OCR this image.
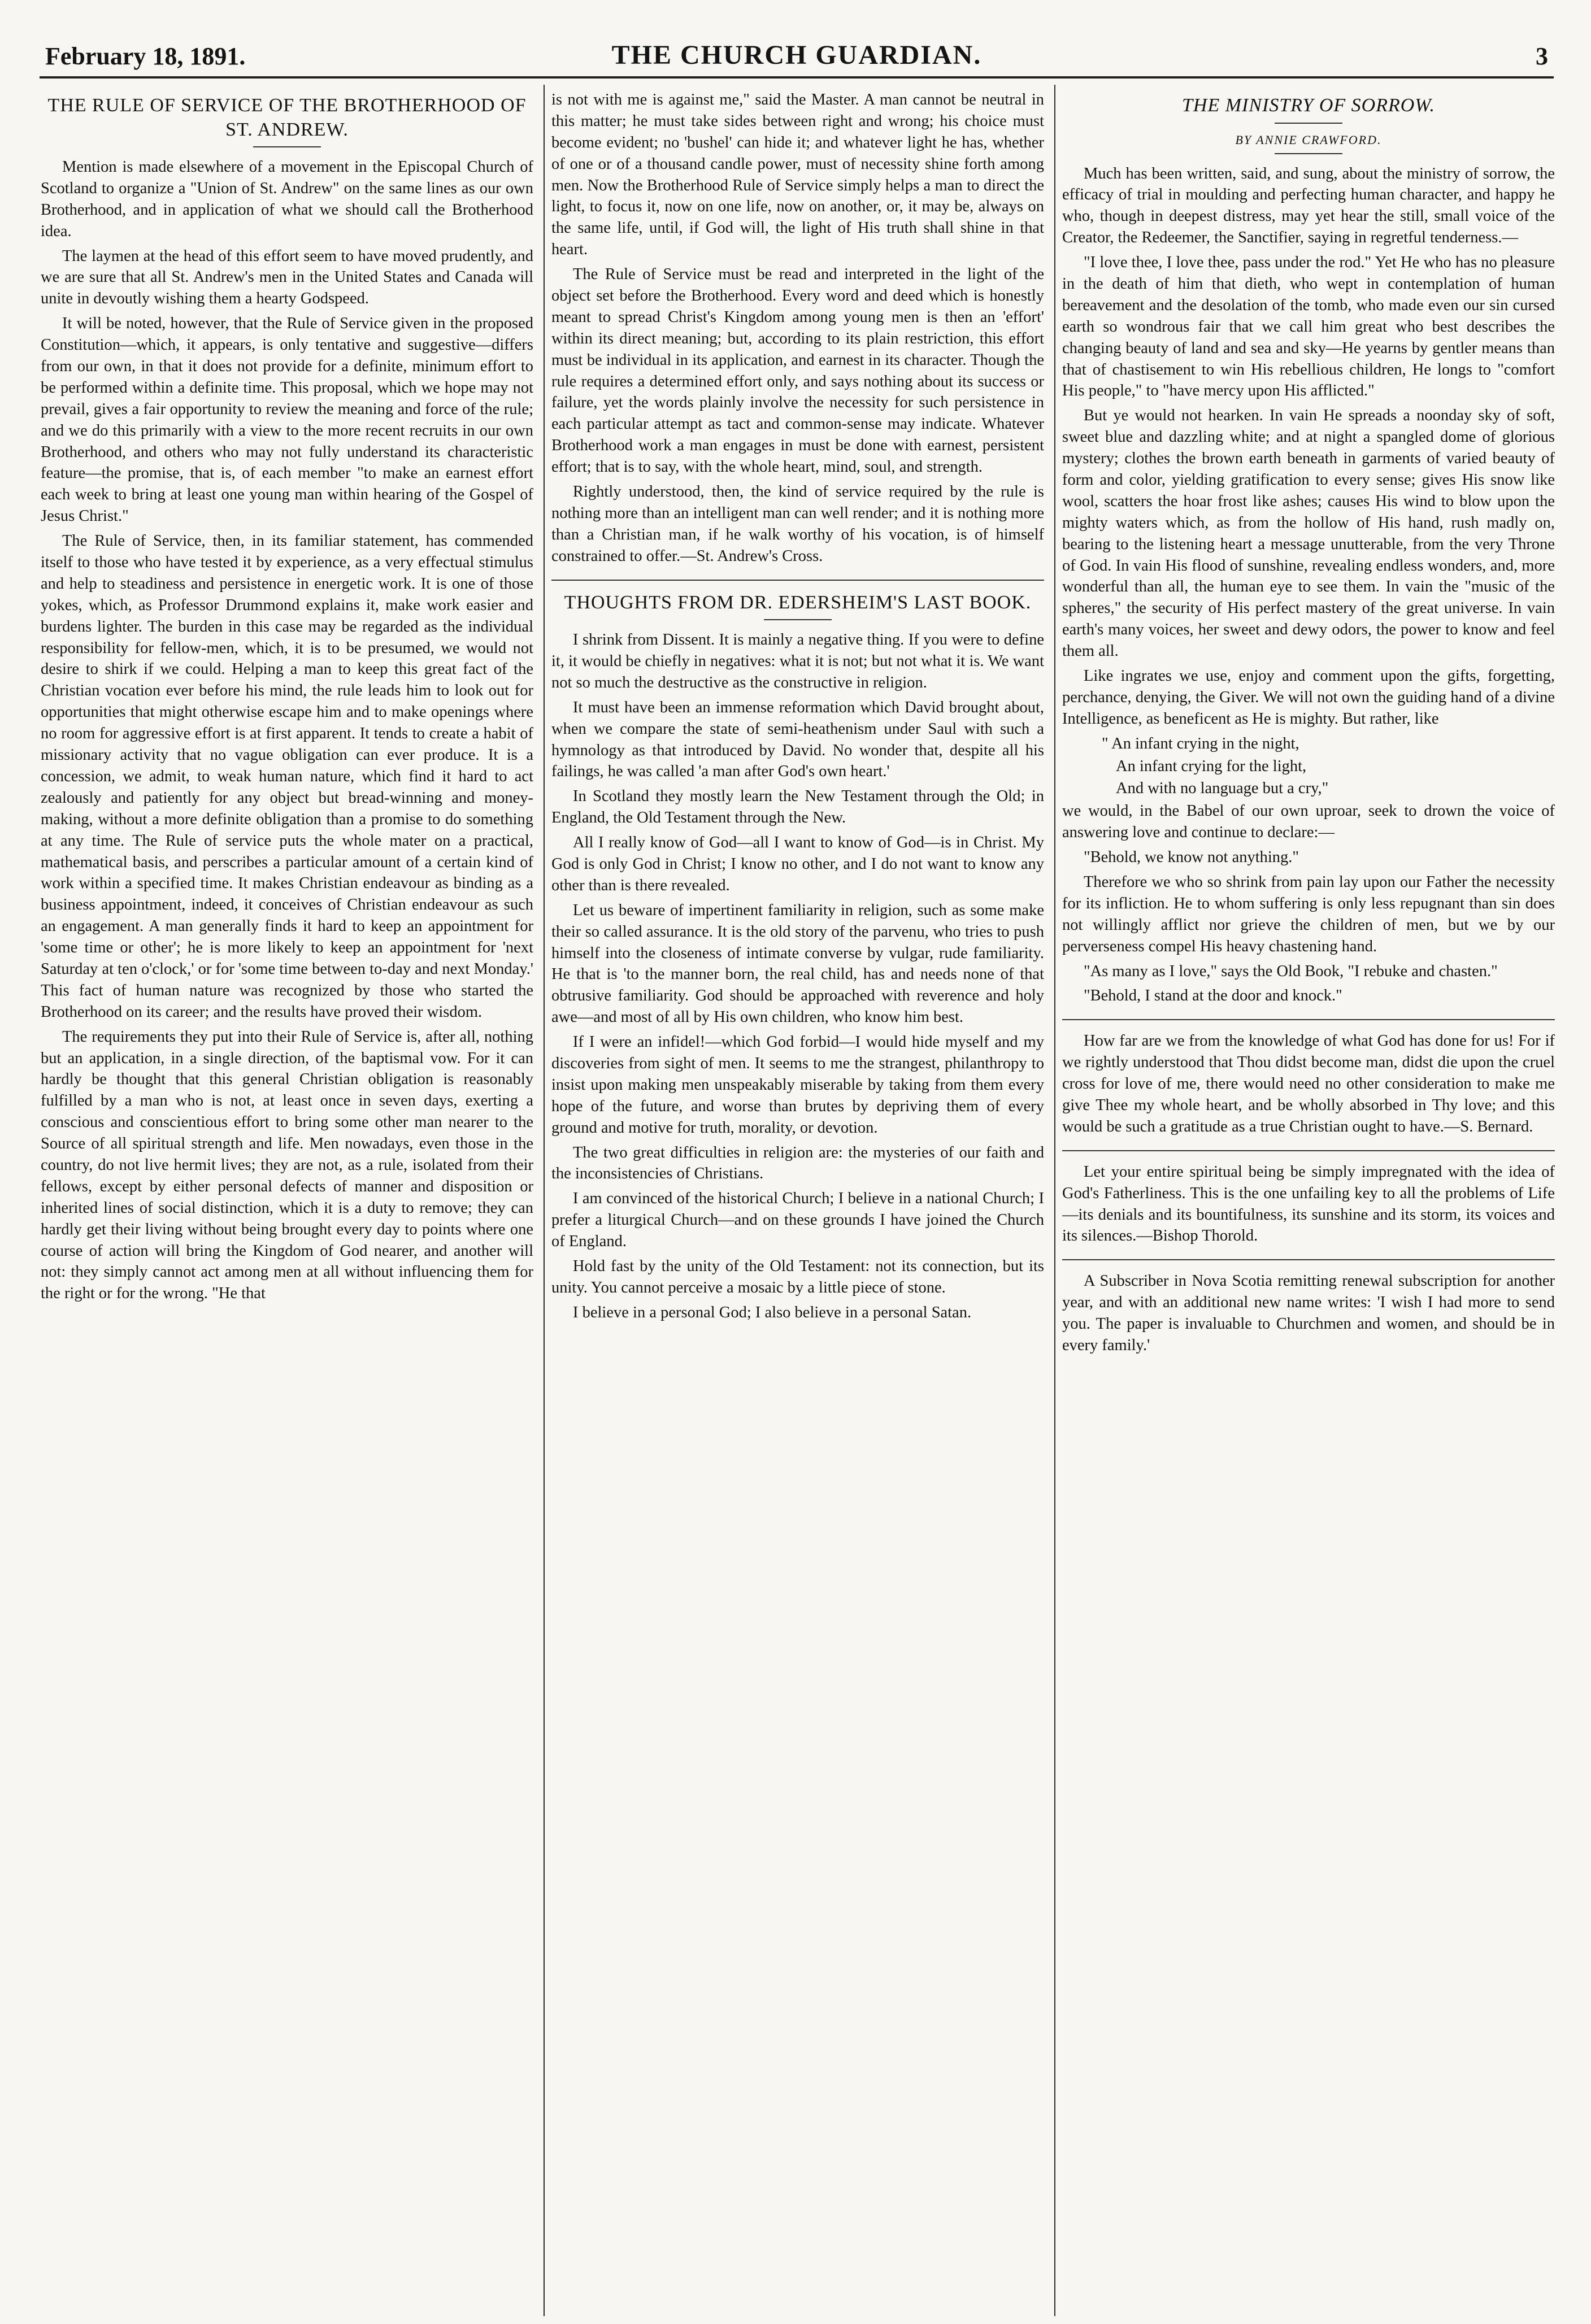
February 18, 1891.	THE CHURCH GUARDIAN.	3
THE RULE OF SERVICE OF THE BROTHERHOOD OF ST. ANDREW.

Mention is made elsewhere of a movement in the Episcopal Church of Scotland to organize a "Union of St. Andrew" on the same lines as our own Brotherhood, and in application of what we should call the Brotherhood idea.

The laymen at the head of this effort seem to have moved prudently, and we are sure that all St. Andrew's men in the United States and Canada will unite in devoutly wishing them a hearty Godspeed.

It will be noted, however, that the Rule of Service given in the proposed Constitution—which, it appears, is only tentative and suggestive—differs from our own, in that it does not provide for a definite, minimum effort to be performed within a definite time. This proposal, which we hope may not prevail, gives a fair opportunity to review the meaning and force of the rule; and we do this primarily with a view to the more recent recruits in our own Brotherhood, and others who may not fully understand its characteristic feature—the promise, that is, of each member "to make an earnest effort each week to bring at least one young man within hearing of the Gospel of Jesus Christ."

The Rule of Service, then, in its familiar statement, has commended itself to those who have tested it by experience, as a very effectual stimulus and help to steadiness and persistence in energetic work. It is one of those yokes, which, as Professor Drummond explains it, make work easier and burdens lighter. The burden in this case may be regarded as the individual responsibility for fellow-men, which, it is to be presumed, we would not desire to shirk if we could. Helping a man to keep this great fact of the Christian vocation ever before his mind, the rule leads him to look out for opportunities that might otherwise escape him and to make openings where no room for aggressive effort is at first apparent. It tends to create a habit of missionary activity that no vague obligation can ever produce. It is a concession, we admit, to weak human nature, which find it hard to act zealously and patiently for any object but bread-winning and money-making, without a more definite obligation than a promise to do something at any time. The Rule of service puts the whole mater on a practical, mathematical basis, and perscribes a particular amount of a certain kind of work within a specified time. It makes Christian endeavour as binding as a business appointment, indeed, it conceives of Christian endeavour as such an engagement. A man generally finds it hard to keep an appointment for 'some time or other'; he is more likely to keep an appointment for 'next Saturday at ten o'clock,' or for 'some time between to-day and next Monday.' This fact of human nature was recognized by those who started the Brotherhood on its career; and the results have proved their wisdom.

The requirements they put into their Rule of Service is, after all, nothing but an application, in a single direction, of the baptismal vow. For it can hardly be thought that this general Christian obligation is reasonably fulfilled by a man who is not, at least once in seven days, exerting a conscious and conscientious effort to bring some other man nearer to the Source of all spiritual strength and life. Men nowadays, even those in the country, do not live hermit lives; they are not, as a rule, isolated from their fellows, except by either personal defects of manner and disposition or inherited lines of social distinction, which it is a duty to remove; they can hardly get their living without being brought every day to points where one course of action will bring the Kingdom of God nearer, and another will not: they simply cannot act among men at all without influencing them for the right or for the wrong. "He that

is not with me is against me," said the Master. A man cannot be neutral in this matter; he must take sides between right and wrong; his choice must become evident; no 'bushel' can hide it; and whatever light he has, whether of one or of a thousand candle power, must of necessity shine forth among men. Now the Brotherhood Rule of Service simply helps a man to direct the light, to focus it, now on one life, now on another, or, it may be, always on the same life, until, if God will, the light of His truth shall shine in that heart.

The Rule of Service must be read and interpreted in the light of the object set before the Brotherhood. Every word and deed which is honestly meant to spread Christ's Kingdom among young men is then an 'effort' within its direct meaning; but, according to its plain restriction, this effort must be individual in its application, and earnest in its character. Though the rule requires a determined effort only, and says nothing about its success or failure, yet the words plainly involve the necessity for such persistence in each particular attempt as tact and common-sense may indicate. Whatever Brotherhood work a man engages in must be done with earnest, persistent effort; that is to say, with the whole heart, mind, soul, and strength.

Rightly understood, then, the kind of service required by the rule is nothing more than an intelligent man can well render; and it is nothing more than a Christian man, if he walk worthy of his vocation, is of himself constrained to offer.—St. Andrew's Cross.

THOUGHTS FROM DR. EDERSHEIM'S LAST BOOK.

I shrink from Dissent. It is mainly a negative thing. If you were to define it, it would be chiefly in negatives: what it is not; but not what it is. We want not so much the destructive as the constructive in religion.

It must have been an immense reformation which David brought about, when we compare the state of semi-heathenism under Saul with such a hymnology as that introduced by David. No wonder that, despite all his failings, he was called 'a man after God's own heart.'

In Scotland they mostly learn the New Testament through the Old; in England, the Old Testament through the New.

All I really know of God—all I want to know of God—is in Christ. My God is only God in Christ; I know no other, and I do not want to know any other than is there revealed.

Let us beware of impertinent familiarity in religion, such as some make their so called assurance. It is the old story of the parvenu, who tries to push himself into the closeness of intimate converse by vulgar, rude familiarity. He that is 'to the manner born, the real child, has and needs none of that obtrusive familiarity. God should be approached with reverence and holy awe—and most of all by His own children, who know him best.

If I were an infidel!—which God forbid—I would hide myself and my discoveries from sight of men. It seems to me the strangest, philanthropy to insist upon making men unspeakably miserable by taking from them every hope of the future, and worse than brutes by depriving them of every ground and motive for truth, morality, or devotion.

The two great difficulties in religion are: the mysteries of our faith and the inconsistencies of Christians.

I am convinced of the historical Church; I believe in a national Church; I prefer a liturgical Church—and on these grounds I have joined the Church of England.

Hold fast by the unity of the Old Testament: not its connection, but its unity. You cannot perceive a mosaic by a little piece of stone.

I believe in a personal God; I also believe in a personal Satan.

THE MINISTRY OF SORROW.
BY ANNIE CRAWFORD.

Much has been written, said, and sung, about the ministry of sorrow, the efficacy of trial in moulding and perfecting human character, and happy he who, though in deepest distress, may yet hear the still, small voice of the Creator, the Redeemer, the Sanctifier, saying in regretful tenderness.—

"I love thee, I love thee, pass under the rod." Yet He who has no pleasure in the death of him that dieth, who wept in contemplation of human bereavement and the desolation of the tomb, who made even our sin cursed earth so wondrous fair that we call him great who best describes the changing beauty of land and sea and sky—He yearns by gentler means than that of chastisement to win His rebellious children, He longs to "comfort His people," to "have mercy upon His afflicted."

But ye would not hearken. In vain He spreads a noonday sky of soft, sweet blue and dazzling white; and at night a spangled dome of glorious mystery; clothes the brown earth beneath in garments of varied beauty of form and color, yielding gratification to every sense; gives His snow like wool, scatters the hoar frost like ashes; causes His wind to blow upon the mighty waters which, as from the hollow of His hand, rush madly on, bearing to the listening heart a message unutterable, from the very Throne of God. In vain His flood of sunshine, revealing endless wonders, and, more wonderful than all, the human eye to see them. In vain the "music of the spheres," the security of His perfect mastery of the great universe. In vain earth's many voices, her sweet and dewy odors, the power to know and feel them all.

Like ingrates we use, enjoy and comment upon the gifts, forgetting, perchance, denying, the Giver. We will not own the guiding hand of a divine Intelligence, as beneficent as He is mighty. But rather, like

" An infant crying in the night,

An infant crying for the light,

And with no language but a cry,"

we would, in the Babel of our own uproar, seek to drown the voice of answering love and continue to declare:—

"Behold, we know not anything."

Therefore we who so shrink from pain lay upon our Father the necessity for its infliction. He to whom suffering is only less repugnant than sin does not willingly afflict nor grieve the children of men, but we by our perverseness compel His heavy chastening hand.

"As many as I love," says the Old Book, "I rebuke and chasten."

"Behold, I stand at the door and knock."

How far are we from the knowledge of what God has done for us! For if we rightly understood that Thou didst become man, didst die upon the cruel cross for love of me, there would need no other consideration to make me give Thee my whole heart, and be wholly absorbed in Thy love; and this would be such a gratitude as a true Christian ought to have.—S. Bernard.

Let your entire spiritual being be simply impregnated with the idea of God's Fatherliness. This is the one unfailing key to all the problems of Life—its denials and its bountifulness, its sunshine and its storm, its voices and its silences.—Bishop Thorold.

A Subscriber in Nova Scotia remitting renewal subscription for another year, and with an additional new name writes: 'I wish I had more to send you. The paper is invaluable to Churchmen and women, and should be in every family.'
